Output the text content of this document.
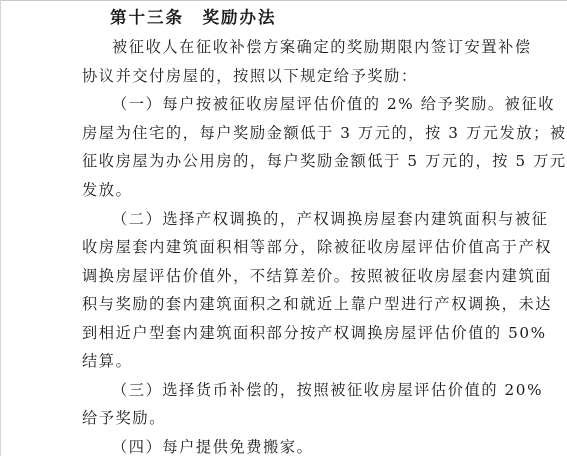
第十三条　奖励办法
被征收人在征收补偿方案确定的奖励期限内签订安置补偿
协议并交付房屋的，按照以下规定给予奖励：
（一）每户按被征收房屋评估价值的 2% 给予奖励。被征收
房屋为住宅的，每户奖励金额低于 3 万元的，按 3 万元发放；被
征收房屋为办公用房的，每户奖励金额低于 5 万元的，按 5 万元
发放。
（二）选择产权调换的，产权调换房屋套内建筑面积与被征
收房屋套内建筑面积相等部分，除被征收房屋评估价值高于产权
调换房屋评估价值外，不结算差价。按照被征收房屋套内建筑面
积与奖励的套内建筑面积之和就近上靠户型进行产权调换，未达
到相近户型套内建筑面积部分按产权调换房屋评估价值的 50%
结算。
（三）选择货币补偿的，按照被征收房屋评估价值的 20%
给予奖励。
（四）每户提供免费搬家。
